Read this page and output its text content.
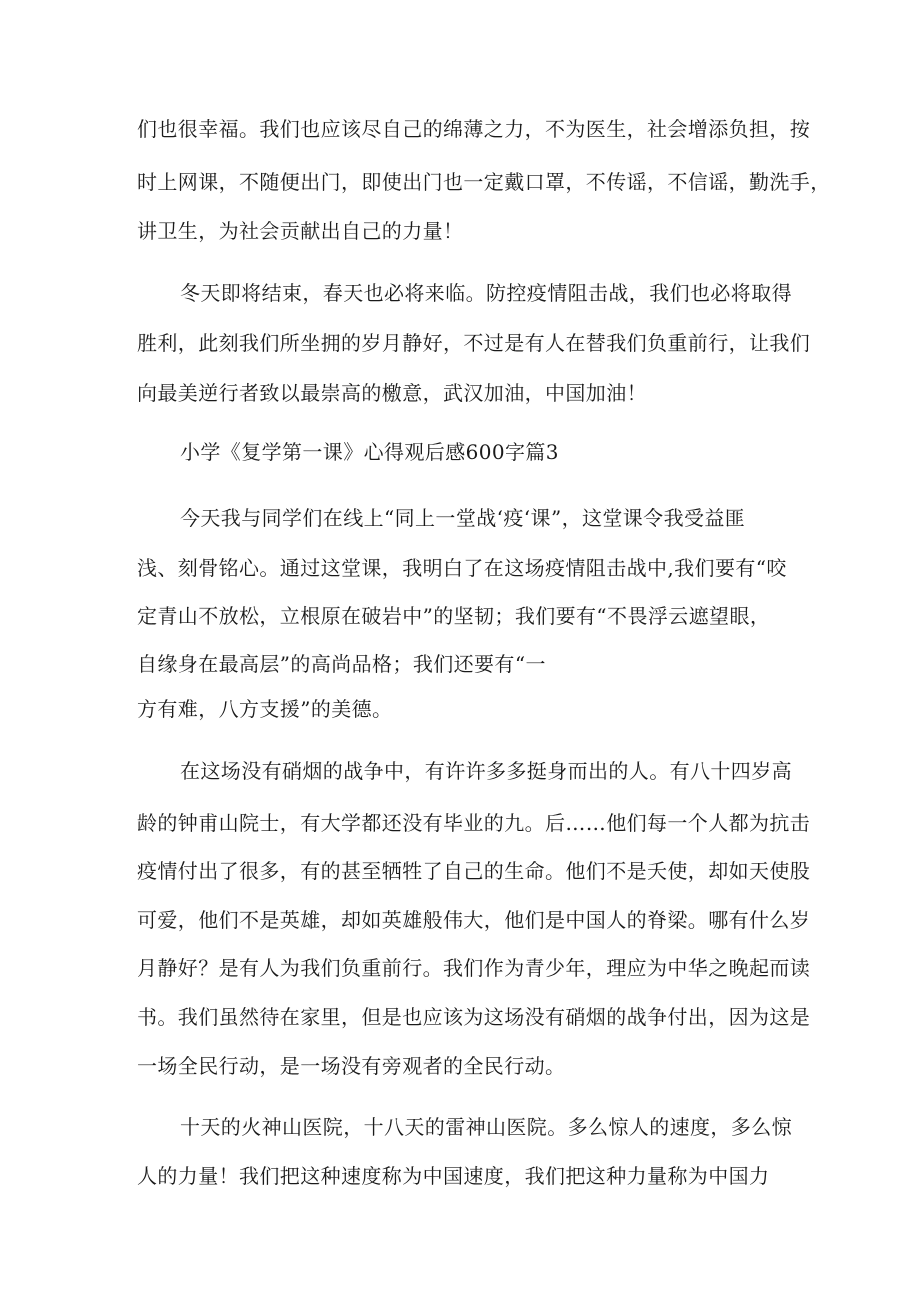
们也很幸福。我们也应该尽自己的绵薄之力，不为医生，社会增添负担，按
时上网课，不随便出门，即使出门也一定戴口罩，不传谣，不信谣，勤洗手，
讲卫生，为社会贡献出自己的力量！
冬天即将结束，春天也必将来临。防控疫情阻击战，我们也必将取得
胜利，此刻我们所坐拥的岁月静好，不过是有人在替我们负重前行，让我们
向最美逆行者致以最崇高的檄意，武汉加油，中国加油！
小学《复学第一课》心得观后感600字篇3
今天我与同学们在线上“同上一堂战‘疫‘课”，这堂课令我受益匪
浅、刻骨铭心。通过这堂课，我明白了在这场疫情阻击战中,我们要有“咬
定青山不放松，立根原在破岩中”的坚韧；我们要有“不畏浮云遮望眼，
自缘身在最高层”的高尚品格；我们还要有“一
方有难，八方支援”的美德。
在这场没有硝烟的战争中，有许许多多挺身而出的人。有八十四岁高
龄的钟甫山院士，有大学都还没有毕业的九。后……他们每一个人都为抗击
疫情付出了很多，有的甚至牺牲了自己的生命。他们不是夭使，却如天使股
可爱，他们不是英雄，却如英雄般伟大，他们是中国人的脊梁。哪有什么岁
月静好？是有人为我们负重前行。我们作为青少年，理应为中华之晚起而读
书。我们虽然待在家里，但是也应该为这场没有硝烟的战争付出，因为这是
一场全民行动，是一场没有旁观者的全民行动。
十天的火神山医院，十八天的雷神山医院。多么惊人的速度，多么惊
人的力量！我们把这种速度称为中国速度，我们把这种力量称为中国力
